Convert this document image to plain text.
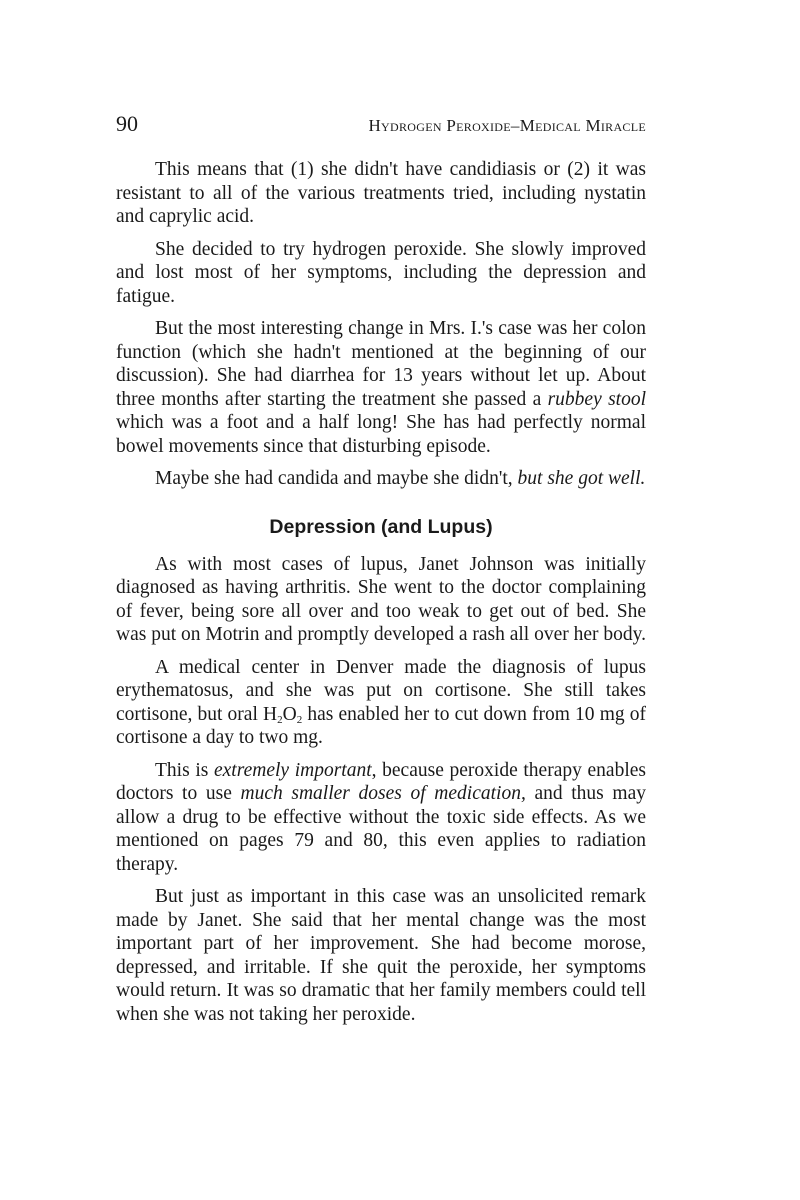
90	Hydrogen Peroxide–Medical Miracle

This means that (1) she didn't have candidiasis or (2) it was resistant to all of the various treatments tried, including nystatin and caprylic acid.

She decided to try hydrogen peroxide. She slowly improved and lost most of her symptoms, including the depression and fatigue.

But the most interesting change in Mrs. I.'s case was her colon function (which she hadn't mentioned at the beginning of our discussion). She had diarrhea for 13 years without let up. About three months after starting the treatment she passed a rubbey stool which was a foot and a half long! She has had perfectly normal bowel movements since that disturbing episode.

Maybe she had candida and maybe she didn't, but she got well.

Depression (and Lupus)

As with most cases of lupus, Janet Johnson was initially diagnosed as having arthritis. She went to the doctor complaining of fever, being sore all over and too weak to get out of bed. She was put on Motrin and promptly developed a rash all over her body.

A medical center in Denver made the diagnosis of lupus erythematosus, and she was put on cortisone. She still takes cortisone, but oral $H_2O_2$ has enabled her to cut down from 10 mg of cortisone a day to two mg.

This is extremely important, because peroxide therapy enables doctors to use much smaller doses of medication, and thus may allow a drug to be effective without the toxic side effects. As we mentioned on pages 79 and 80, this even applies to radiation therapy.

But just as important in this case was an unsolicited remark made by Janet. She said that her mental change was the most important part of her improvement. She had become morose, depressed, and irritable. If she quit the peroxide, her symptoms would return. It was so dramatic that her family members could tell when she was not taking her peroxide.
